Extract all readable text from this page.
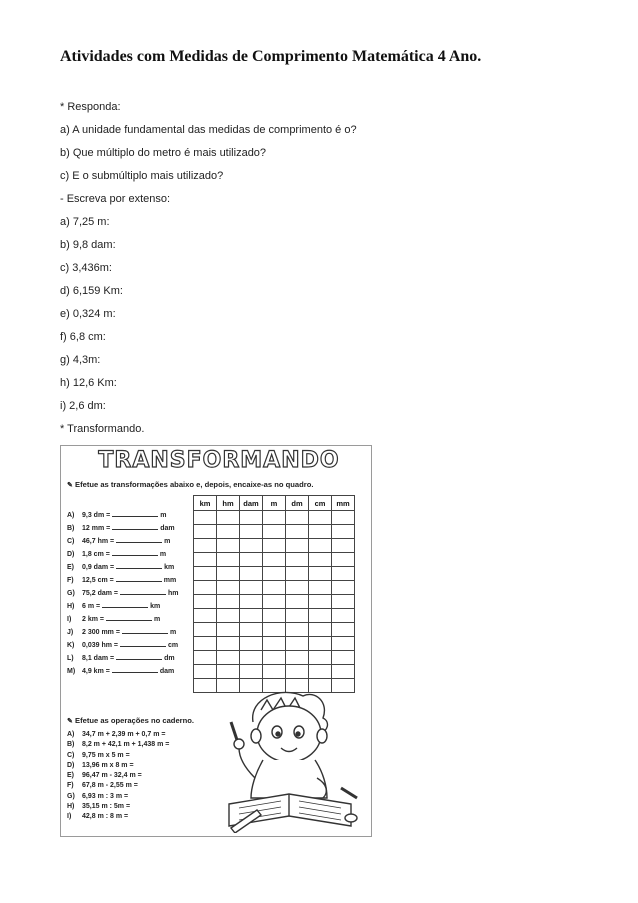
Atividades com Medidas de Comprimento Matemática 4 Ano.

* Responda:

a) A unidade fundamental das medidas de comprimento é o?

b) Que múltiplo do metro é mais utilizado?

c) E o submúltiplo mais utilizado?

- Escreva por extenso:

a) 7,25 m:

b) 9,8 dam:

c) 3,436m:

d) 6,159 Km:

e) 0,324 m:

f) 6,8 cm:

g) 4,3m:

h) 12,6 Km:

i) 2,6 dm:

* Transformando.

TRANSFORMANDO

✎ Efetue as transformações abaixo e, depois, encaixe-as no quadro.

km	hm	dam	m	dm	cm	mm

A) 9,3 dm =	m
B) 12 mm =	dam
C) 46,7 hm =	m
D) 1,8 cm =	m
E) 0,9 dam =	km
F) 12,5 cm =	mm
G) 75,2 dam =	hm
H) 6 m =	km
I) 2 km =	m
J) 2 300 mm =	m
K) 0,039 hm =	cm
L) 8,1 dam =	dm
M) 4,9 km =	dam

✎ Efetue as operações no caderno.

A) 34,7 m + 2,39 m + 0,7 m =
B) 8,2 m + 42,1 m + 1,438 m =
C) 9,75 m x 5 m =
D) 13,96 m x 8 m =
E) 96,47 m - 32,4 m =
F) 67,8 m - 2,55 m =
G) 6,93 m : 3 m =
H) 35,15 m : 5m =
I) 42,8 m : 8 m =
